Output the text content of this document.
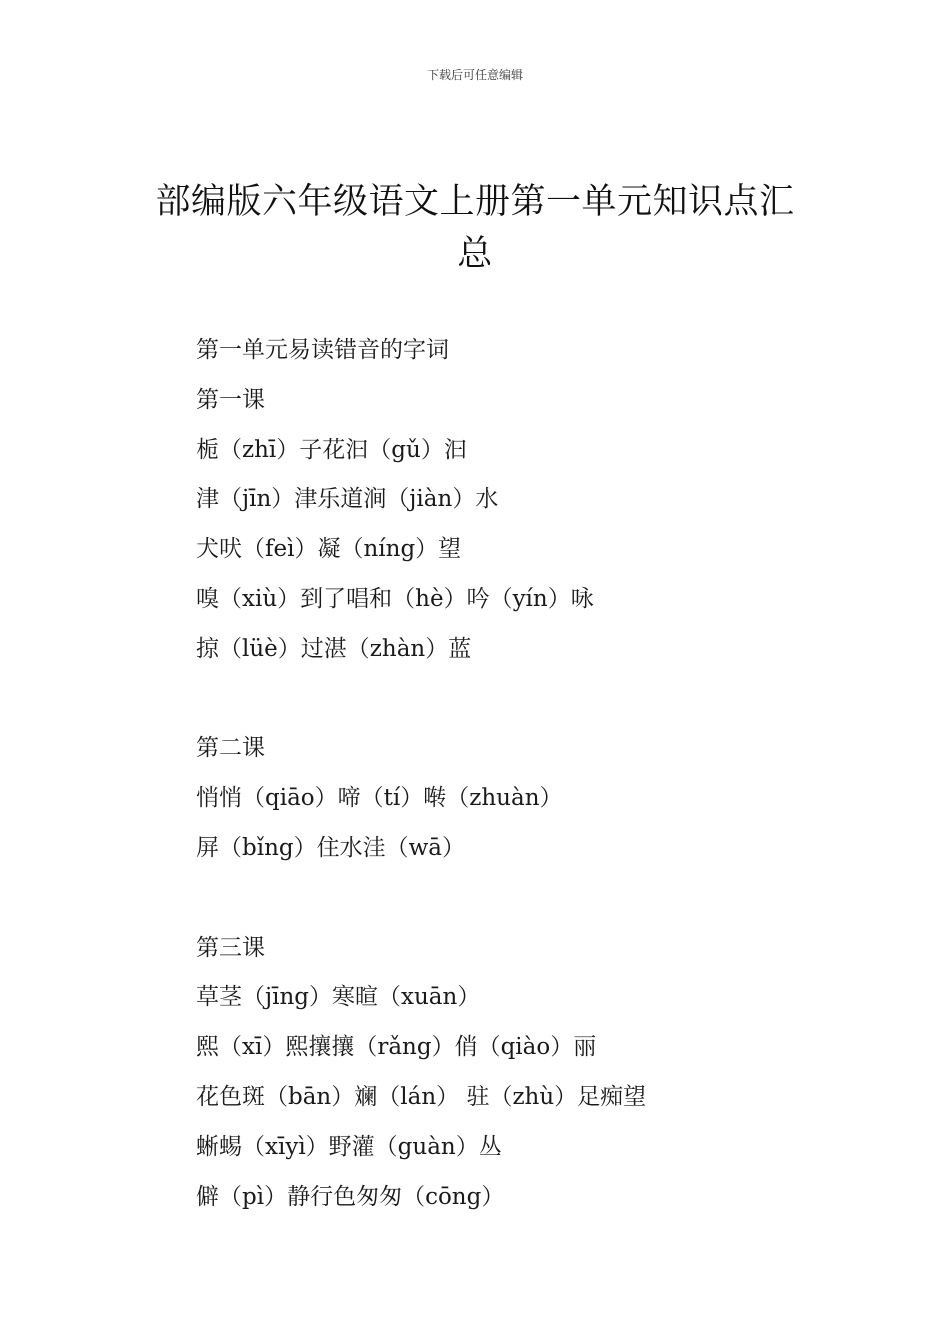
下载后可任意编辑
部编版六年级语文上册第一单元知识点汇总
第一单元易读错音的字词
第一课
栀（zhī）子花汩（gǔ）汩
津（jīn）津乐道涧（jiàn）水
犬吠（feì）凝（níng）望
嗅（xiù）到了唱和（hè）吟（yín）咏
掠（lüè）过湛（zhàn）蓝
第二课
悄悄（qiāo）啼（tí）啭（zhuàn）
屏（bǐng）住水洼（wā）
第三课
草茎（jīng）寒暄（xuān）
熙（xī）熙攘攘（rǎng）俏（qiào）丽
花色斑（bān）斓（lán） 驻（zhù）足痴望
蜥蜴（xīyì）野灌（guàn）丛
僻（pì）静行色匆匆（cōng）
